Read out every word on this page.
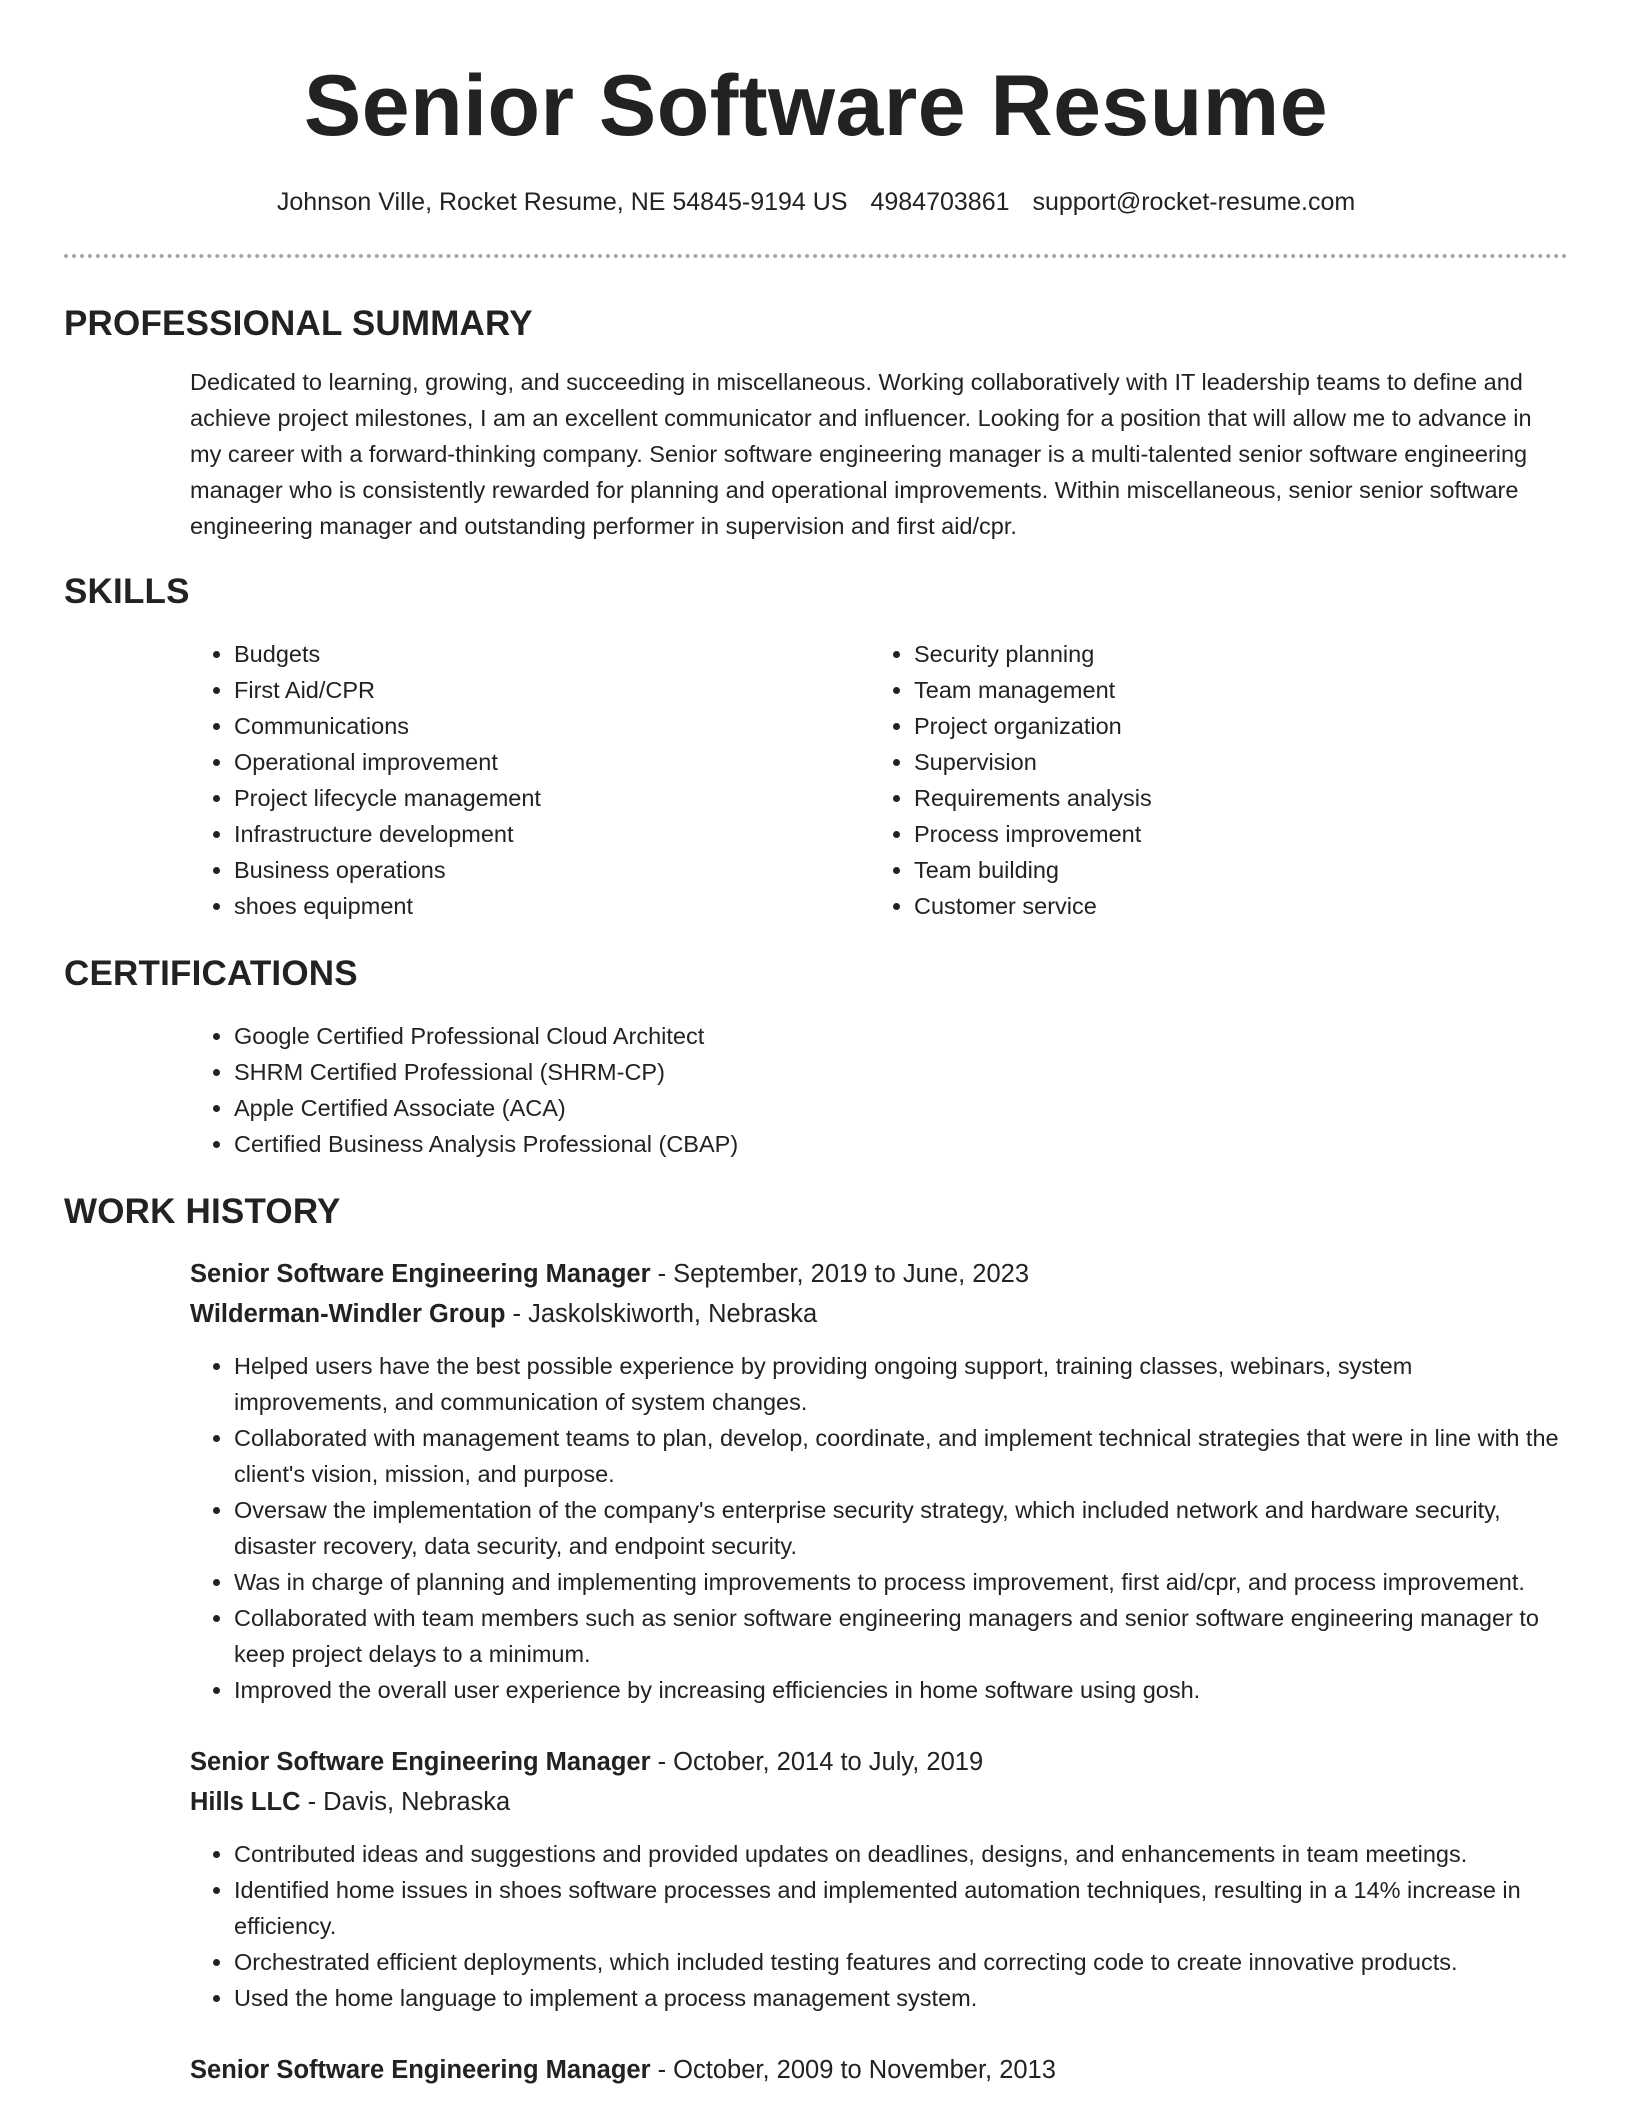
Senior Software Resume
Johnson Ville, Rocket Resume, NE 54845-9194 US 4984703861 support@rocket-resume.com
PROFESSIONAL SUMMARY

Dedicated to learning, growing, and succeeding in miscellaneous. Working collaboratively with IT leadership teams to define and achieve project milestones, I am an excellent communicator and influencer. Looking for a position that will allow me to advance in my career with a forward-thinking company. Senior software engineering manager is a multi-talented senior software engineering manager who is consistently rewarded for planning and operational improvements. Within miscellaneous, senior senior software engineering manager and outstanding performer in supervision and first aid/cpr.

SKILLS
• Budgets
• First Aid/CPR
• Communications
• Operational improvement
• Project lifecycle management
• Infrastructure development
• Business operations
• shoes equipment
• Security planning
• Team management
• Project organization
• Supervision
• Requirements analysis
• Process improvement
• Team building
• Customer service
CERTIFICATIONS
• Google Certified Professional Cloud Architect
• SHRM Certified Professional (SHRM-CP)
• Apple Certified Associate (ACA)
• Certified Business Analysis Professional (CBAP)
WORK HISTORY
Senior Software Engineering Manager - September, 2019 to June, 2023
Wilderman-Windler Group - Jaskolskiworth, Nebraska
• Helped users have the best possible experience by providing ongoing support, training classes, webinars, system improvements, and communication of system changes.
• Collaborated with management teams to plan, develop, coordinate, and implement technical strategies that were in line with the client's vision, mission, and purpose.
• Oversaw the implementation of the company's enterprise security strategy, which included network and hardware security, disaster recovery, data security, and endpoint security.
• Was in charge of planning and implementing improvements to process improvement, first aid/cpr, and process improvement.
• Collaborated with team members such as senior software engineering managers and senior software engineering manager to keep project delays to a minimum.
• Improved the overall user experience by increasing efficiencies in home software using gosh.
Senior Software Engineering Manager - October, 2014 to July, 2019
Hills LLC - Davis, Nebraska
• Contributed ideas and suggestions and provided updates on deadlines, designs, and enhancements in team meetings.
• Identified home issues in shoes software processes and implemented automation techniques, resulting in a 14% increase in efficiency.
• Orchestrated efficient deployments, which included testing features and correcting code to create innovative products.
• Used the home language to implement a process management system.
Senior Software Engineering Manager - October, 2009 to November, 2013
